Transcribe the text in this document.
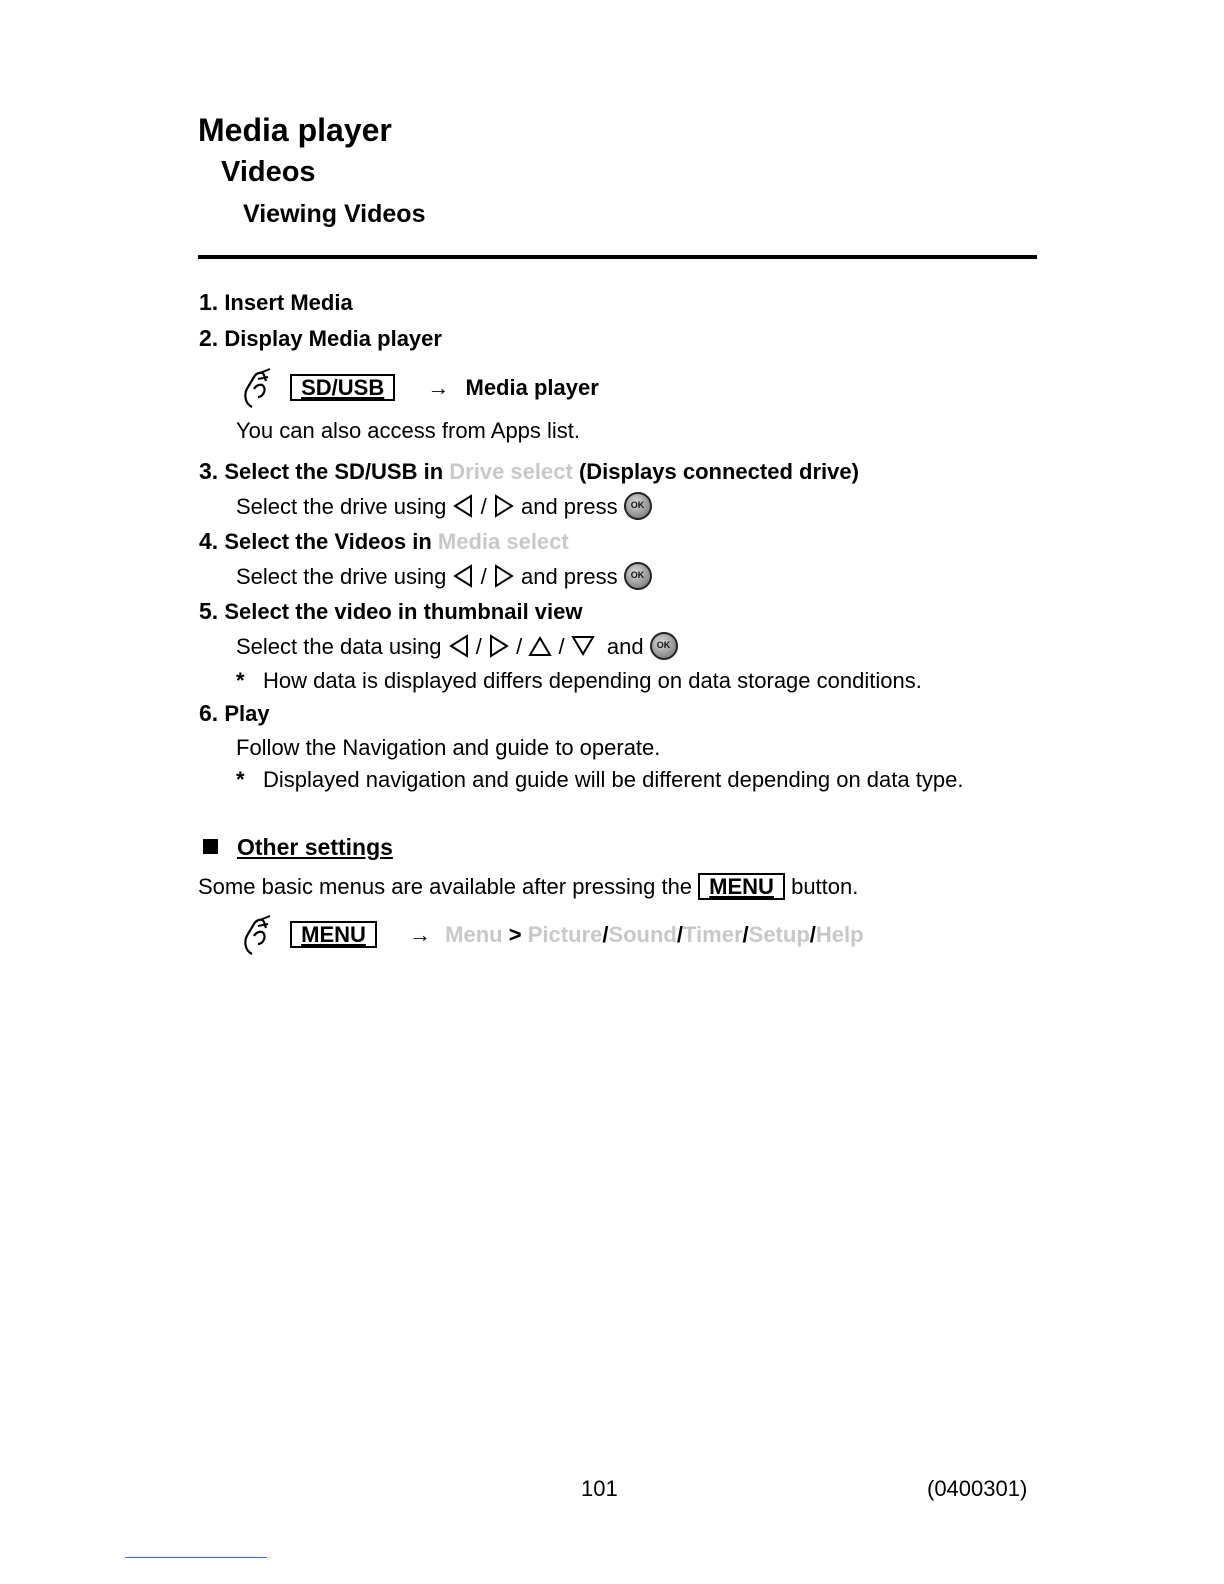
Media player
Videos
Viewing Videos
1. Insert Media
2. Display Media player
SD/USB → Media player
You can also access from Apps list.
3. Select the SD/USB in Drive select (Displays connected drive)
Select the drive using / and press OK
4. Select the Videos in Media select
Select the drive using / and press OK
5. Select the video in thumbnail view
Select the data using / / / and OK
* How data is displayed differs depending on data storage conditions.
6. Play
Follow the Navigation and guide to operate.
* Displayed navigation and guide will be different depending on data type.
Other settings
Some basic menus are available after pressing the MENU button.
MENU → Menu > Picture/Sound/Timer/Setup/Help
101	(0400301)
